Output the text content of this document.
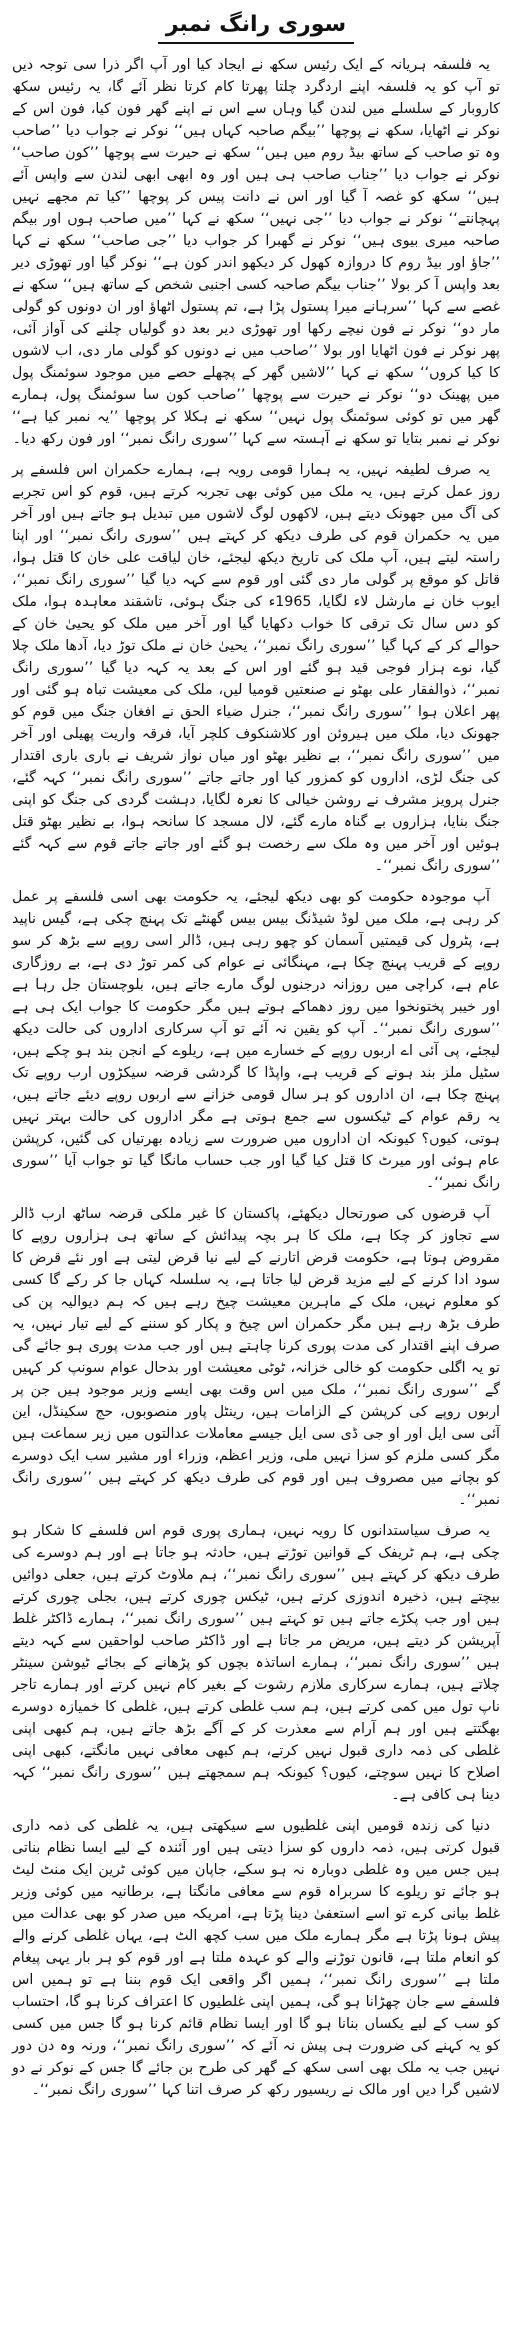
سوری رانگ نمبر

یہ فلسفہ ہریانہ کے ایک رئیس سکھ نے ایجاد کیا اور آپ اگر ذرا سی توجہ دیں تو آپ کو یہ فلسفہ اپنے اردگرد چلتا پھرتا کام کرتا نظر آئے گا، یہ رئیس سکھ کاروبار کے سلسلے میں لندن گیا وہاں سے اس نے اپنے گھر فون کیا، فون اس کے نوکر نے اٹھایا، سکھ نے پوچھا ’’بیگم صاحبہ کہاں ہیں‘‘ نوکر نے جواب دیا ’’صاحب وہ تو صاحب کے ساتھ بیڈ روم میں ہیں‘‘ سکھ نے حیرت سے پوچھا ’’کون صاحب‘‘ نوکر نے جواب دیا ’’جناب صاحب ہی ہیں اور وہ ابھی ابھی لندن سے واپس آئے ہیں‘‘ سکھ کو غصہ آ گیا اور اس نے دانت پیس کر پوچھا ’’کیا تم مجھے نہیں پہچانتے‘‘ نوکر نے جواب دیا ’’جی نہیں‘‘ سکھ نے کہا ’’میں صاحب ہوں اور بیگم صاحبہ میری بیوی ہیں‘‘ نوکر نے گھبرا کر جواب دیا ’’جی صاحب‘‘ سکھ نے کہا ’’جاؤ اور بیڈ روم کا دروازہ کھول کر دیکھو اندر کون ہے‘‘ نوکر گیا اور تھوڑی دیر بعد واپس آ کر بولا ’’جناب بیگم صاحبہ کسی اجنبی شخص کے ساتھ ہیں‘‘ سکھ نے غصے سے کہا ’’سرہانے میرا پستول پڑا ہے، تم پستول اٹھاؤ اور ان دونوں کو گولی مار دو‘‘ نوکر نے فون نیچے رکھا اور تھوڑی دیر بعد دو گولیاں چلنے کی آواز آئی، پھر نوکر نے فون اٹھایا اور بولا ’’صاحب میں نے دونوں کو گولی مار دی، اب لاشوں کا کیا کروں‘‘ سکھ نے کہا ’’لاشیں گھر کے پچھلے حصے میں موجود سوئمنگ پول میں پھینک دو‘‘ نوکر نے حیرت سے پوچھا ’’صاحب کون سا سوئمنگ پول، ہمارے گھر میں تو کوئی سوئمنگ پول نہیں‘‘ سکھ نے ہکلا کر پوچھا ’’یہ نمبر کیا ہے‘‘ نوکر نے نمبر بتایا تو سکھ نے آہستہ سے کہا ’’سوری رانگ نمبر‘‘ اور فون رکھ دیا۔

یہ صرف لطیفہ نہیں، یہ ہمارا قومی رویہ ہے، ہمارے حکمران اس فلسفے پر روز عمل کرتے ہیں، یہ ملک میں کوئی بھی تجربہ کرتے ہیں، قوم کو اس تجربے کی آگ میں جھونک دیتے ہیں، لاکھوں لوگ لاشوں میں تبدیل ہو جاتے ہیں اور آخر میں یہ حکمران قوم کی طرف دیکھ کر کہتے ہیں ’’سوری رانگ نمبر‘‘ اور اپنا راستہ لیتے ہیں، آپ ملک کی تاریخ دیکھ لیجئے، خان لیاقت علی خان کا قتل ہوا، قاتل کو موقع پر گولی مار دی گئی اور قوم سے کہہ دیا گیا ’’سوری رانگ نمبر‘‘، ایوب خان نے مارشل لاء لگایا، 1965ء کی جنگ ہوئی، تاشقند معاہدہ ہوا، ملک کو دس سال تک ترقی کا خواب دکھایا گیا اور آخر میں ملک کو یحییٰ خان کے حوالے کر کے کہا گیا ’’سوری رانگ نمبر‘‘، یحییٰ خان نے ملک توڑ دیا، آدھا ملک چلا گیا، نوے ہزار فوجی قید ہو گئے اور اس کے بعد یہ کہہ دیا گیا ’’سوری رانگ نمبر‘‘، ذوالفقار علی بھٹو نے صنعتیں قومیا لیں، ملک کی معیشت تباہ ہو گئی اور پھر اعلان ہوا ’’سوری رانگ نمبر‘‘، جنرل ضیاء الحق نے افغان جنگ میں قوم کو جھونک دیا، ملک میں ہیروئن اور کلاشنکوف کلچر آیا، فرقہ واریت پھیلی اور آخر میں ’’سوری رانگ نمبر‘‘، بے نظیر بھٹو اور میاں نواز شریف نے باری باری اقتدار کی جنگ لڑی، اداروں کو کمزور کیا اور جاتے جاتے ’’سوری رانگ نمبر‘‘ کہہ گئے، جنرل پرویز مشرف نے روشن خیالی کا نعرہ لگایا، دہشت گردی کی جنگ کو اپنی جنگ بنایا، ہزاروں بے گناہ مارے گئے، لال مسجد کا سانحہ ہوا، بے نظیر بھٹو قتل ہوئیں اور آخر میں وہ ملک سے رخصت ہو گئے اور جاتے جاتے قوم سے کہہ گئے ’’سوری رانگ نمبر‘‘۔

آپ موجودہ حکومت کو بھی دیکھ لیجئے، یہ حکومت بھی اسی فلسفے پر عمل کر رہی ہے، ملک میں لوڈ شیڈنگ بیس بیس گھنٹے تک پہنچ چکی ہے، گیس ناپید ہے، پٹرول کی قیمتیں آسمان کو چھو رہی ہیں، ڈالر اسی روپے سے بڑھ کر سو روپے کے قریب پہنچ چکا ہے، مہنگائی نے عوام کی کمر توڑ دی ہے، بے روزگاری عام ہے، کراچی میں روزانہ درجنوں لوگ مارے جاتے ہیں، بلوچستان جل رہا ہے اور خیبر پختونخوا میں روز دھماکے ہوتے ہیں مگر حکومت کا جواب ایک ہی ہے ’’سوری رانگ نمبر‘‘۔ آپ کو یقین نہ آئے تو آپ سرکاری اداروں کی حالت دیکھ لیجئے، پی آئی اے اربوں روپے کے خسارے میں ہے، ریلوے کے انجن بند ہو چکے ہیں، سٹیل ملز بند ہونے کے قریب ہے، واپڈا کا گردشی قرضہ سیکڑوں ارب روپے تک پہنچ چکا ہے، ان اداروں کو ہر سال قومی خزانے سے اربوں روپے دیئے جاتے ہیں، یہ رقم عوام کے ٹیکسوں سے جمع ہوتی ہے مگر اداروں کی حالت بہتر نہیں ہوتی، کیوں؟ کیونکہ ان اداروں میں ضرورت سے زیادہ بھرتیاں کی گئیں، کرپشن عام ہوئی اور میرٹ کا قتل کیا گیا اور جب حساب مانگا گیا تو جواب آیا ’’سوری رانگ نمبر‘‘۔

آپ قرضوں کی صورتحال دیکھئے، پاکستان کا غیر ملکی قرضہ ساٹھ ارب ڈالر سے تجاوز کر چکا ہے، ملک کا ہر بچہ پیدائش کے ساتھ ہی ہزاروں روپے کا مقروض ہوتا ہے، حکومت قرض اتارنے کے لیے نیا قرض لیتی ہے اور نئے قرض کا سود ادا کرنے کے لیے مزید قرض لیا جاتا ہے، یہ سلسلہ کہاں جا کر رکے گا کسی کو معلوم نہیں، ملک کے ماہرین معیشت چیخ رہے ہیں کہ ہم دیوالیہ پن کی طرف بڑھ رہے ہیں مگر حکمران اس چیخ و پکار کو سننے کے لیے تیار نہیں، یہ صرف اپنے اقتدار کی مدت پوری کرنا چاہتے ہیں اور جب مدت پوری ہو جائے گی تو یہ اگلی حکومت کو خالی خزانہ، ٹوٹی معیشت اور بدحال عوام سونپ کر کہیں گے ’’سوری رانگ نمبر‘‘، ملک میں اس وقت بھی ایسے وزیر موجود ہیں جن پر اربوں روپے کی کرپشن کے الزامات ہیں، رینٹل پاور منصوبوں، حج سکینڈل، این آئی سی ایل اور او جی ڈی سی ایل جیسے معاملات عدالتوں میں زیر سماعت ہیں مگر کسی ملزم کو سزا نہیں ملی، وزیر اعظم، وزراء اور مشیر سب ایک دوسرے کو بچانے میں مصروف ہیں اور قوم کی طرف دیکھ کر کہتے ہیں ’’سوری رانگ نمبر‘‘۔

یہ صرف سیاستدانوں کا رویہ نہیں، ہماری پوری قوم اس فلسفے کا شکار ہو چکی ہے، ہم ٹریفک کے قوانین توڑتے ہیں، حادثہ ہو جاتا ہے اور ہم دوسرے کی طرف دیکھ کر کہتے ہیں ’’سوری رانگ نمبر‘‘، ہم ملاوٹ کرتے ہیں، جعلی دوائیں بیچتے ہیں، ذخیرہ اندوزی کرتے ہیں، ٹیکس چوری کرتے ہیں، بجلی چوری کرتے ہیں اور جب پکڑے جاتے ہیں تو کہتے ہیں ’’سوری رانگ نمبر‘‘، ہمارے ڈاکٹر غلط آپریشن کر دیتے ہیں، مریض مر جاتا ہے اور ڈاکٹر صاحب لواحقین سے کہہ دیتے ہیں ’’سوری رانگ نمبر‘‘، ہمارے اساتذہ بچوں کو پڑھانے کے بجائے ٹیوشن سینٹر چلاتے ہیں، ہمارے سرکاری ملازم رشوت کے بغیر کام نہیں کرتے اور ہمارے تاجر ناپ تول میں کمی کرتے ہیں، ہم سب غلطی کرتے ہیں، غلطی کا خمیازہ دوسرے بھگتتے ہیں اور ہم آرام سے معذرت کر کے آگے بڑھ جاتے ہیں، ہم کبھی اپنی غلطی کی ذمہ داری قبول نہیں کرتے، ہم کبھی معافی نہیں مانگتے، کبھی اپنی اصلاح کا نہیں سوچتے، کیوں؟ کیونکہ ہم سمجھتے ہیں ’’سوری رانگ نمبر‘‘ کہہ دینا ہی کافی ہے۔

دنیا کی زندہ قومیں اپنی غلطیوں سے سیکھتی ہیں، یہ غلطی کی ذمہ داری قبول کرتی ہیں، ذمہ داروں کو سزا دیتی ہیں اور آئندہ کے لیے ایسا نظام بناتی ہیں جس میں وہ غلطی دوبارہ نہ ہو سکے، جاپان میں کوئی ٹرین ایک منٹ لیٹ ہو جائے تو ریلوے کا سربراہ قوم سے معافی مانگتا ہے، برطانیہ میں کوئی وزیر غلط بیانی کرے تو اسے استعفیٰ دینا پڑتا ہے، امریکہ میں صدر کو بھی عدالت میں پیش ہونا پڑتا ہے مگر ہمارے ملک میں سب کچھ الٹ ہے، یہاں غلطی کرنے والے کو انعام ملتا ہے، قانون توڑنے والے کو عہدہ ملتا ہے اور قوم کو ہر بار یہی پیغام ملتا ہے ’’سوری رانگ نمبر‘‘، ہمیں اگر واقعی ایک قوم بننا ہے تو ہمیں اس فلسفے سے جان چھڑانا ہو گی، ہمیں اپنی غلطیوں کا اعتراف کرنا ہو گا، احتساب کو سب کے لیے یکساں بنانا ہو گا اور ایسا نظام قائم کرنا ہو گا جس میں کسی کو یہ کہنے کی ضرورت ہی پیش نہ آئے کہ ’’سوری رانگ نمبر‘‘، ورنہ وہ دن دور نہیں جب یہ ملک بھی اسی سکھ کے گھر کی طرح بن جائے گا جس کے نوکر نے دو لاشیں گرا دیں اور مالک نے ریسیور رکھ کر صرف اتنا کہا ’’سوری رانگ نمبر‘‘۔
